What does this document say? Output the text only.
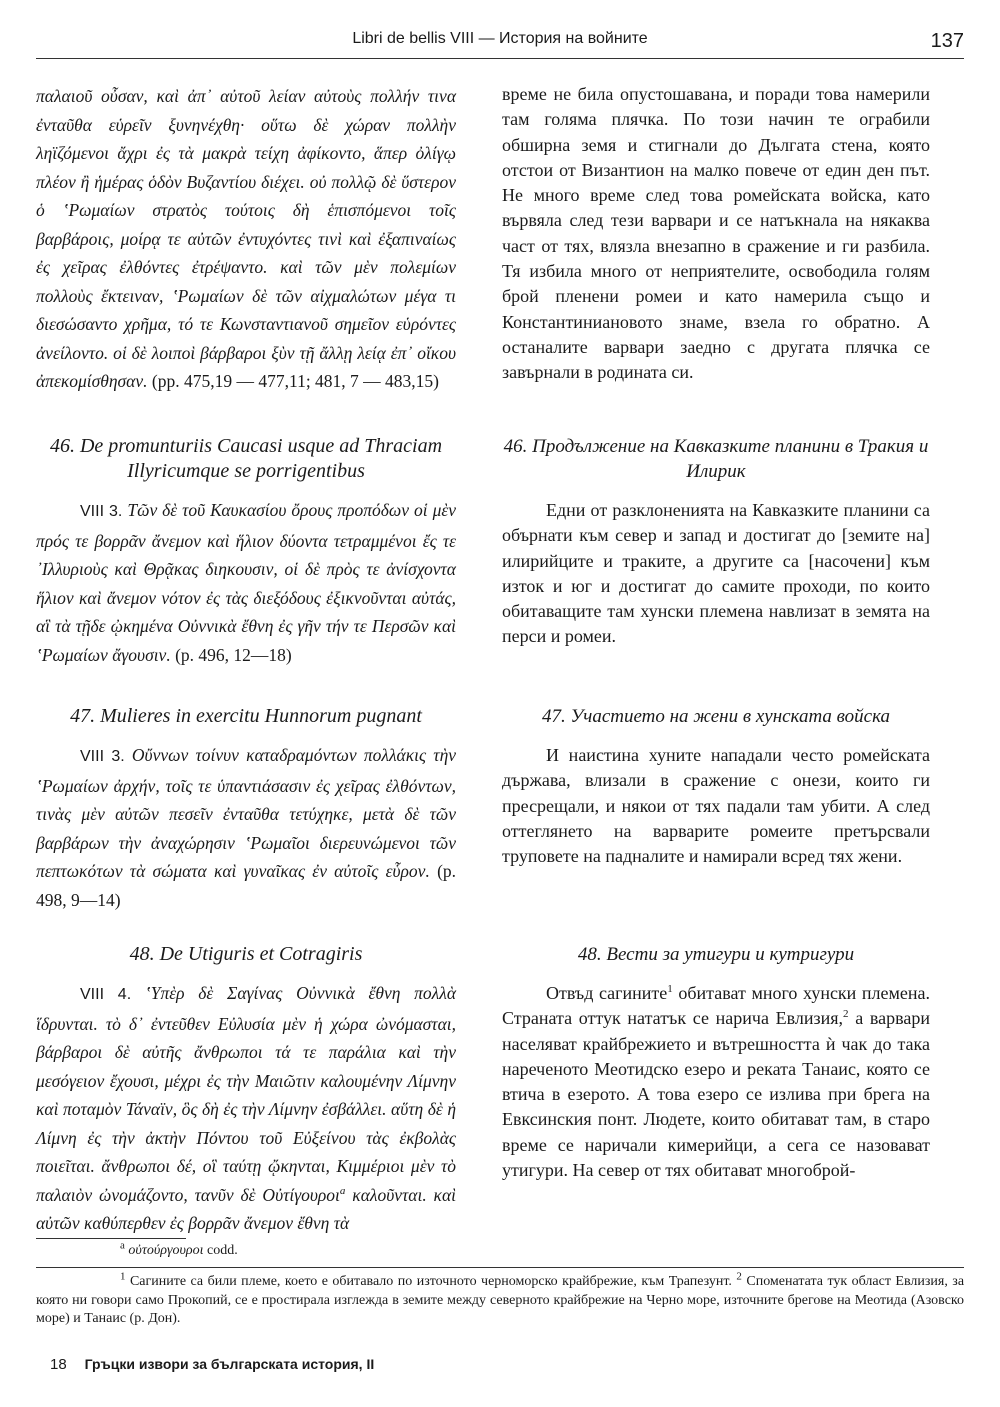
Libri de bellis VIII — История на войните	137

παλαιοῦ οὖσαν, καὶ ἀπ᾽ αὐτοῦ λείαν αὐτοὺς πολλήν τινα ἐνταῦθα εὑρεῖν ξυνηνέχθη· οὕτω δὲ χώραν πολλὴν ληϊζόμενοι ἄχρι ἐς τὰ μακρὰ τείχη ἀφίκοντο, ἅπερ ὀλίγῳ πλέον ἢ ἡμέρας ὁδὸν Βυζαντίου διέχει. οὐ πολλῷ δὲ ὕστερον ὁ ʽΡωμαίων στρατὸς τούτοις δὴ ἑπισπόμενοι τοῖς βαρβάροις, μοίρᾳ τε αὐτῶν ἐντυχόντες τινὶ καὶ ἐξαπιναίως ἐς χεῖρας ἐλθόντες ἐτρέψαντο. καὶ τῶν μὲν πολεμίων πολλοὺς ἔκτειναν, ʽΡωμαίων δὲ τῶν αἰχμαλώτων μέγα τι διεσώσαντο χρῆμα, τό τε Κωνσταντιανοῦ σημεῖον εὑρόντες ἀνείλοντο. οἱ δὲ λοιποὶ βάρβαροι ξὺν τῇ ἄλλῃ λείᾳ ἐπ᾽ οἴκου ἀπεκομίσθησαν. (pp. 475,19 — 477,11; 481, 7 — 483,15)

46. De promunturiis Caucasi usque ad Thraciam Illyricumque se porrigentibus

VIII 3. Τῶν δὲ τοῦ Καυκασίου ὄρους προπόδων οἱ μὲν πρός τε βορρᾶν ἄνεμον καὶ ἥλιον δύοντα τετραμμένοι ἔς τε ᾽Ιλλυριοὺς καὶ Θρᾷκας διηκουσιν, οἱ δὲ πρὸς τε ἀνίσχοντα ἥλιον καὶ ἄνεμον νότον ἐς τὰς διεξόδους ἐξικνοῦνται αὐτάς, αἳ τὰ τῇδε ᾠκημένα Οὐννικὰ ἔθνη ἐς γῆν τήν τε Περσῶν καὶ ʽΡωμαίων ἄγουσιν. (p. 496, 12—18)

47. Mulieres in exercitu Hunnorum pugnant

VIII 3. Οὔννων τοίνυν καταδραμόντων πολλάκις τὴν ʽΡωμαίων ἀρχήν, τοῖς τε ὑπαντιάσασιν ἐς χεῖρας ἐλθόντων, τινὰς μὲν αὐτῶν πεσεῖν ἐνταῦθα τετύχηκε, μετὰ δὲ τῶν βαρβάρων τὴν ἀναχώρησιν ʽΡωμαῖοι διερευνώμενοι τῶν πεπτωκότων τὰ σώματα καὶ γυναῖκας ἐν αὐτοῖς εὗρον. (p. 498, 9—14)

48. De Utiguris et Cotragiris

VIII 4. ʽΥπὲρ δὲ Σαγίνας Οὐννικὰ ἔθνη πολλὰ ἵδρυνται. τὸ δ᾽ ἐντεῦθεν Εὐλυσία μὲν ἡ χώρα ὠνόμασται, βάρβαροι δὲ αὐτῆς ἄνθρωποι τά τε παράλια καὶ τὴν μεσόγειον ἔχουσι, μέχρι ἐς τὴν Μαιῶτιν καλουμένην Λίμνην καὶ ποταμὸν Τάναϊν, ὃς δὴ ἐς τὴν Λίμνην ἐσβάλλει. αὕτη δὲ ἡ Λίμνη ἐς τὴν ἀκτὴν Πόντου τοῦ Εὐξείνου τὰς ἐκβολὰς ποιεῖται. ἄνθρωποι δέ, οἳ ταύτῃ ᾤκηνται, Κιμμέριοι μὲν τὸ παλαιὸν ὠνομάζοντο, τανῦν δὲ Οὐτίγουροι$^a$ καλοῦνται. καὶ αὐτῶν καθύπερθεν ἐς βορρᾶν ἄνεμον ἔθνη τὰ

време не била опустошавана, и поради това намерили там голяма плячка. По този начин те ограбили обширна земя и стигнали до Дългата стена, която отстои от Византион на малко повече от един ден път. Не много време след това ромейската войска, като вървяла след тези варвари и се натъкнала на някаква част от тях, влязла внезапно в сражение и ги разбила. Тя избила много от неприятелите, освободила голям брой пленени ромеи и като намерила също и Константиниановото знаме, взела го обратно. А останалите варвари заедно с другата плячка се завърнали в родината си.

46. Продължение на Кавказките планини в Тракия и Илирик

Едни от разклоненията на Кавказките планини са обърнати към север и запад и достигат до [земите на] илирийците и траките, а другите са [насочени] към изток и юг и достигат до самите проходи, по които обитаващите там хунски племена навлизат в земята на перси и ромеи.

47. Участието на жени в хунската войска

И наистина хуните нападали често ромейската държава, влизали в сражение с онези, които ги пресрещали, и някои от тях падали там убити. А след оттеглянето на варварите ромеите претърсвали труповете на падналите и намирали всред тях жени.

48. Вести за утигури и кутригури

Отвъд сагините$^1$ обитават много хунски племена. Страната оттук нататък се нарича Евлизия,$^2$ а варвари населяват крайбрежието и вътрешността ѝ чак до така нареченото Меотидско езеро и реката Танаис, която се втича в езерото. А това езеро се излива при брега на Евксинския понт. Людете, които обитават там, в старо време се наричали кимерийци, а сега се назовават утигури. На север от тях обитават многоброй-

$^a$ οὐτούργουροι codd.

$^1$ Сагините са били племе, което е обитавало по източното черноморско крайбрежие, към Трапезунт. $^2$ Споменатата тук област Евлизия, за която ни говори само Прокопий, се е простирала изглежда в земите между северното крайбрежие на Черно море, източните брегове на Меотида (Азовско море) и Танаис (р. Дон).

18 Гръцки извори за българската история, II
